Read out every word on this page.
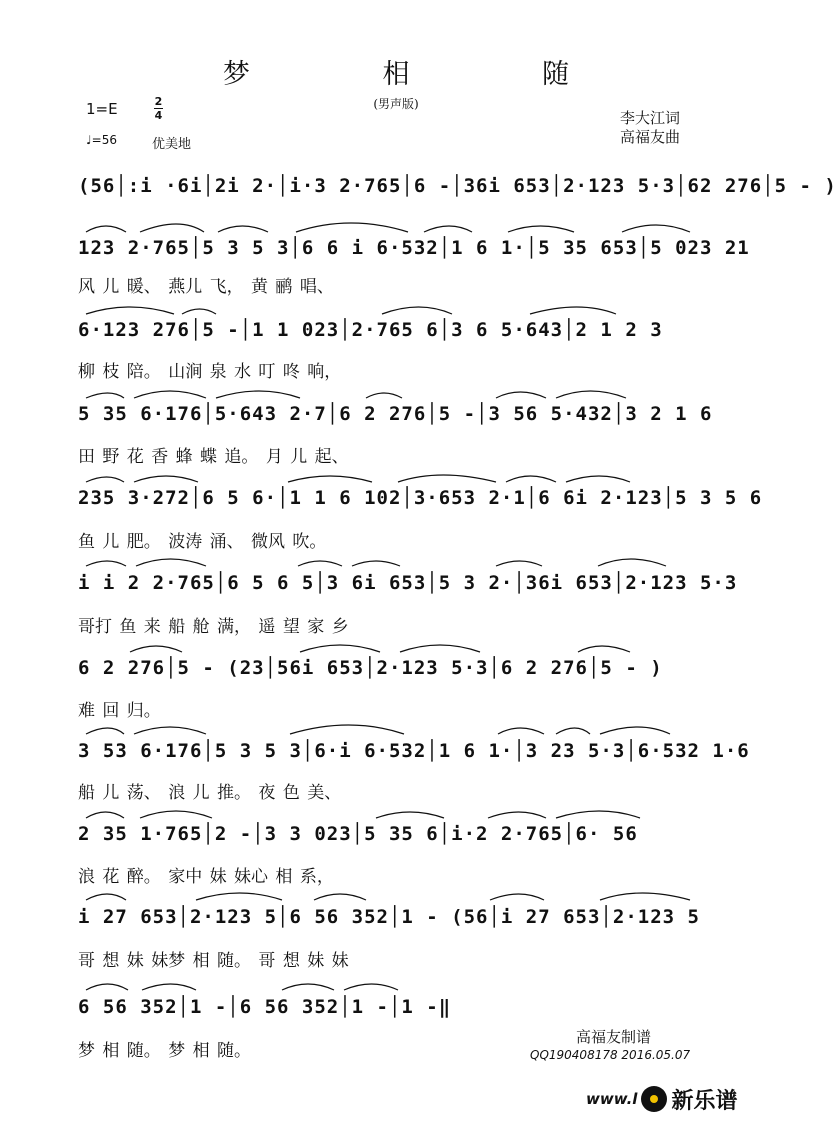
梦 相 随
(男声版)
1=E	2
4
♩=56	优美地
李大江词
高福友曲
(56│:i ·6i│2i 2·│i·3 2·765│6 -│36i 653│2·123 5·3│62 276│5 - )
123 2·765│5 3 5 3│6 6 i 6·532│1 6 1·│5 35 653│5 023 21
风 儿 暖、 燕儿 飞， 黄 鹂 唱、
6·123 276│5 -│1 1 023│2·765 6│3 6 5·643│2 1 2 3
柳 枝 陪。 山涧 泉 水 叮 咚 响，
5 35 6·176│5·643 2·7│6 2 276│5 -│3 56 5·432│3 2 1 6
田 野 花 香 蜂 蝶 追。 月 儿 起、
235 3·272│6 5 6·│1 1 6 102│3·653 2·1│6 6i 2·123│5 3 5 6
鱼 儿 肥。 波涛 涌、 微风 吹。
i i 2 2·765│6 5 6 5│3 6i 653│5 3 2·│36i 653│2·123 5·3
哥打 鱼 来 船 舱 满， 遥 望 家 乡
6 2 276│5 - (23│56i 653│2·123 5·3│6 2 276│5 - )
难 回 归。
3 53 6·176│5 3 5 3│6·i 6·532│1 6 1·│3 23 5·3│6·532 1·6
船 儿 荡、 浪 儿 推。 夜 色 美、
2 35 1·765│2 -│3 3 023│5 35 6│i·2 2·765│6· 56
浪 花 醉。 家中 妹 妹心 相 系，
i 27 653│2·123 5│6 56 352│1 - (56│i 27 653│2·123 5
哥 想 妹 妹梦 相 随。 哥 想 妹 妹
6 56 352│1 -│6 56 352│1 -│1 -‖
梦 相 随。 梦 相 随。
高福友制谱
QQ190408178 2016.05.07
www.l 新乐谱
